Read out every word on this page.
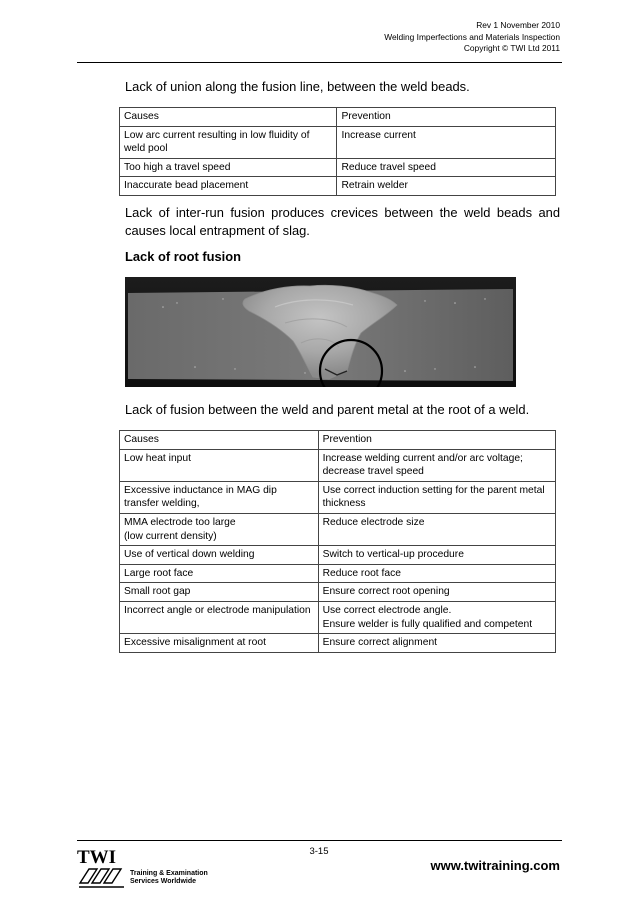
Rev 1 November 2010
Welding Imperfections and Materials Inspection
Copyright © TWI Ltd 2011

Lack of union along the fusion line, between the weld beads.

Causes	Prevention
Low arc current resulting in low fluidity of weld pool	Increase current
Too high a travel speed	Reduce travel speed
Inaccurate bead placement	Retrain welder

Lack of inter-run fusion produces crevices between the weld beads and causes local entrapment of slag.

Lack of root fusion

Lack of fusion between the weld and parent metal at the root of a weld.

Causes	Prevention
Low heat input	Increase welding current and/or arc voltage; decrease travel speed
Excessive inductance in MAG dip transfer welding,	Use correct induction setting for the parent metal thickness
MMA electrode too large
(low current density)	Reduce electrode size
Use of vertical down welding	Switch to vertical-up procedure
Large root face	Reduce root face
Small root gap	Ensure correct root opening
Incorrect angle or electrode manipulation	Use correct electrode angle.
Ensure welder is fully qualified and competent
Excessive misalignment at root	Ensure correct alignment
TWI
Training & Examination
Services Worldwide
3-15
www.twitraining.com
